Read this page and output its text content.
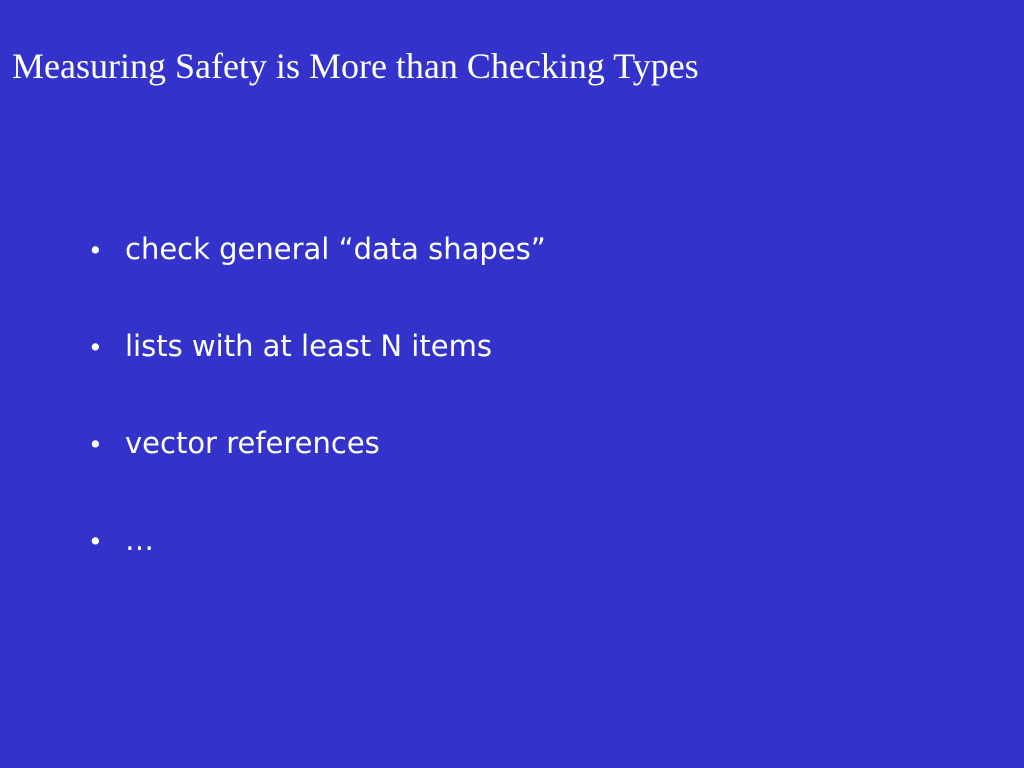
Measuring Safety is More than Checking Types
• check general “data shapes”
• lists with at least N items
• vector references
• …
